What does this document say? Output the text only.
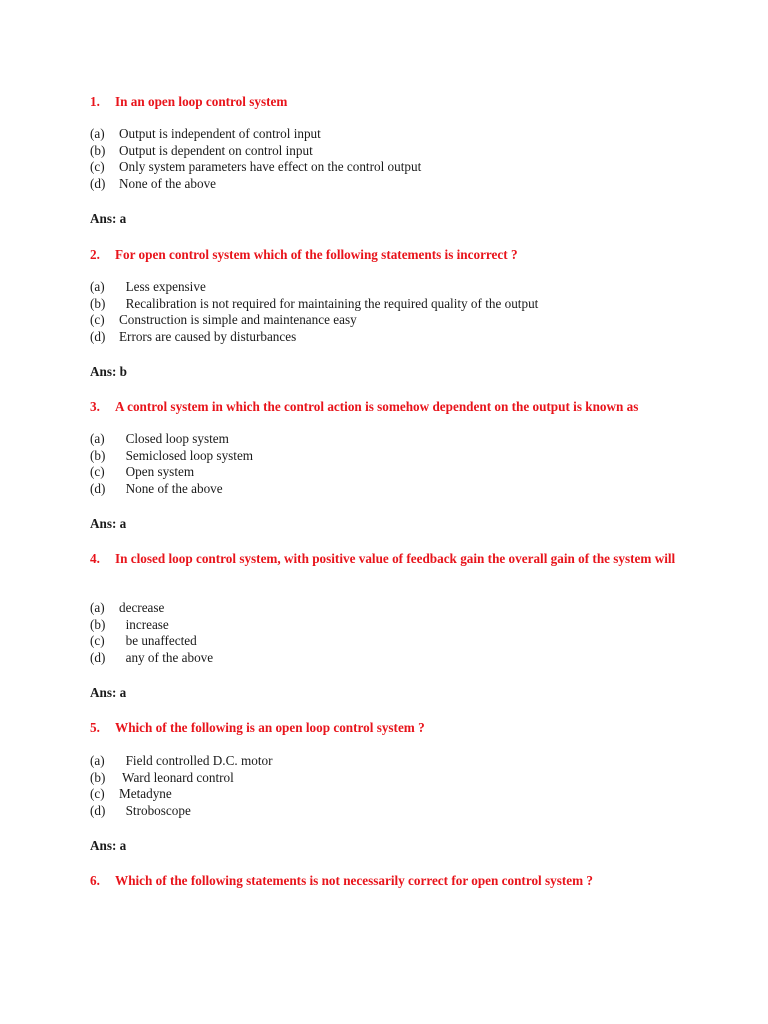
1. In an open loop control system
(a) Output is independent of control input
(b) Output is dependent on control input
(c) Only system parameters have effect on the control output
(d) None of the above
Ans: a
2. For open control system which of the following statements is incorrect ?
(a)  Less expensive
(b)  Recalibration is not required for maintaining the required quality of the output
(c) Construction is simple and maintenance easy
(d) Errors are caused by disturbances
Ans: b
3. A control system in which the control action is somehow dependent on the output is known as
(a)  Closed loop system
(b)  Semiclosed loop system
(c)  Open system
(d)  None of the above
Ans: a
4. In closed loop control system, with positive value of feedback gain the overall gain of the system will
(a) decrease
(b)  increase
(c)  be unaffected
(d)  any of the above
Ans: a
5. Which of the following is an open loop control system ?
(a)  Field controlled D.C. motor
(b) Ward leonard control
(c) Metadyne
(d)  Stroboscope
Ans: a
6. Which of the following statements is not necessarily correct for open control system ?
